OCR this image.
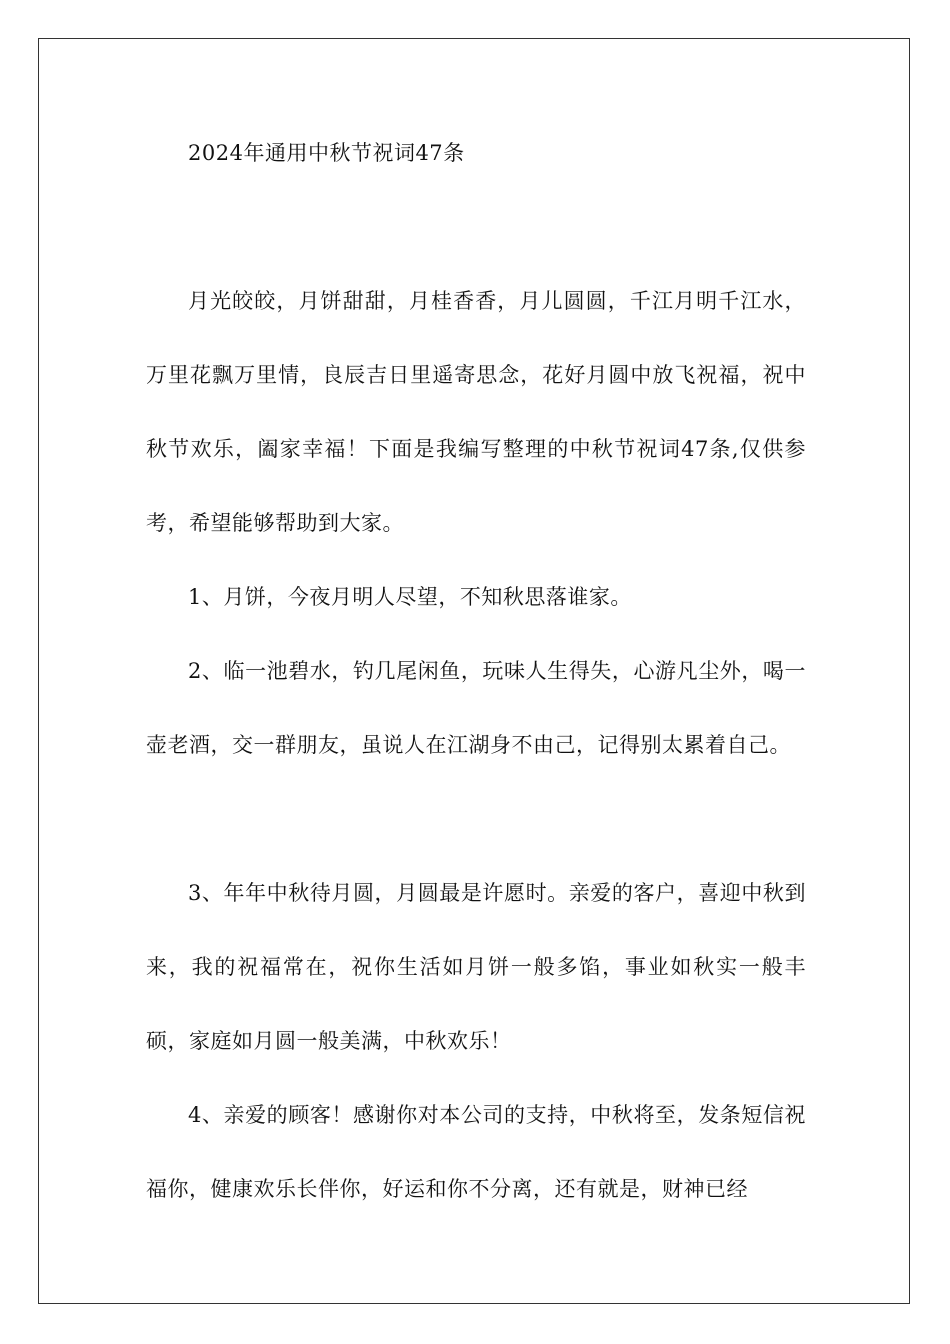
2024年通用中秋节祝词47条

月光皎皎，月饼甜甜，月桂香香，月儿圆圆，千江月明千江水，万里花飘万里情，良辰吉日里遥寄思念，花好月圆中放飞祝福，祝中秋节欢乐，阖家幸福！下面是我编写整理的中秋节祝词47条,仅供参考，希望能够帮助到大家。

1、月饼，今夜月明人尽望，不知秋思落谁家。

2、临一池碧水，钓几尾闲鱼，玩味人生得失，心游凡尘外，喝一壶老酒，交一群朋友，虽说人在江湖身不由己，记得别太累着自己。

3、年年中秋待月圆，月圆最是许愿时。亲爱的客户，喜迎中秋到来，我的祝福常在，祝你生活如月饼一般多馅，事业如秋实一般丰硕，家庭如月圆一般美满，中秋欢乐！

4、亲爱的顾客！感谢你对本公司的支持，中秋将至，发条短信祝福你，健康欢乐长伴你，好运和你不分离，还有就是，财神已经
